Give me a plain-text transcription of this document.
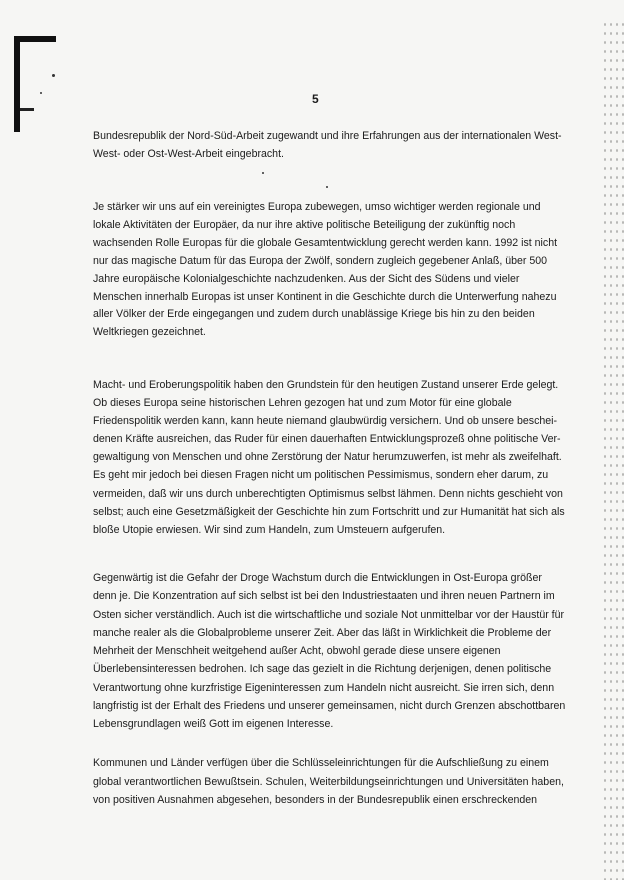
5

Bundesrepublik der Nord-Süd-Arbeit zugewandt und ihre Erfahrungen aus der internationalen West-
West- oder Ost-West-Arbeit eingebracht.

Je stärker wir uns auf ein vereinigtes Europa zubewegen, umso wichtiger werden regionale und
lokale Aktivitäten der Europäer, da nur ihre aktive politische Beteiligung der zukünftig noch
wachsenden Rolle Europas für die globale Gesamtentwicklung gerecht werden kann. 1992 ist nicht
nur das magische Datum für das Europa der Zwölf, sondern zugleich gegebener Anlaß, über 500
Jahre europäische Kolonialgeschichte nachzudenken. Aus der Sicht des Südens und vieler
Menschen innerhalb Europas ist unser Kontinent in die Geschichte durch die Unterwerfung nahezu
aller Völker der Erde eingegangen und zudem durch unablässige Kriege bis hin zu den beiden
Weltkriegen gezeichnet.

Macht- und Eroberungspolitik haben den Grundstein für den heutigen Zustand unserer Erde gelegt.
Ob dieses Europa seine historischen Lehren gezogen hat und zum Motor für eine globale
Friedenspolitik werden kann, kann heute niemand glaubwürdig versichern. Und ob unsere beschei-
denen Kräfte ausreichen, das Ruder für einen dauerhaften Entwicklungsprozeß ohne politische Ver-
gewaltigung von Menschen und ohne Zerstörung der Natur herumzuwerfen, ist mehr als zweifelhaft.
Es geht mir jedoch bei diesen Fragen nicht um politischen Pessimismus, sondern eher darum, zu
vermeiden, daß wir uns durch unberechtigten Optimismus selbst lähmen. Denn nichts geschieht von
selbst; auch eine Gesetzmäßigkeit der Geschichte hin zum Fortschritt und zur Humanität hat sich als
bloße Utopie erwiesen. Wir sind zum Handeln, zum Umsteuern aufgerufen.

Gegenwärtig ist die Gefahr der Droge Wachstum durch die Entwicklungen in Ost-Europa größer
denn je. Die Konzentration auf sich selbst ist bei den Industriestaaten und ihren neuen Partnern im
Osten sicher verständlich. Auch ist die wirtschaftliche und soziale Not unmittelbar vor der Haustür für
manche realer als die Globalprobleme unserer Zeit. Aber das läßt in Wirklichkeit die Probleme der
Mehrheit der Menschheit weitgehend außer Acht, obwohl gerade diese unsere eigenen
Überlebensinteressen bedrohen. Ich sage das gezielt in die Richtung derjenigen, denen politische
Verantwortung ohne kurzfristige Eigeninteressen zum Handeln nicht ausreicht. Sie irren sich, denn
langfristig ist der Erhalt des Friedens und unserer gemeinsamen, nicht durch Grenzen abschottbaren
Lebensgrundlagen weiß Gott im eigenen Interesse.

Kommunen und Länder verfügen über die Schlüsseleinrichtungen für die Aufschließung zu einem
global verantwortlichen Bewußtsein. Schulen, Weiterbildungseinrichtungen und Universitäten haben,
von positiven Ausnahmen abgesehen, besonders in der Bundesrepublik einen erschreckenden
